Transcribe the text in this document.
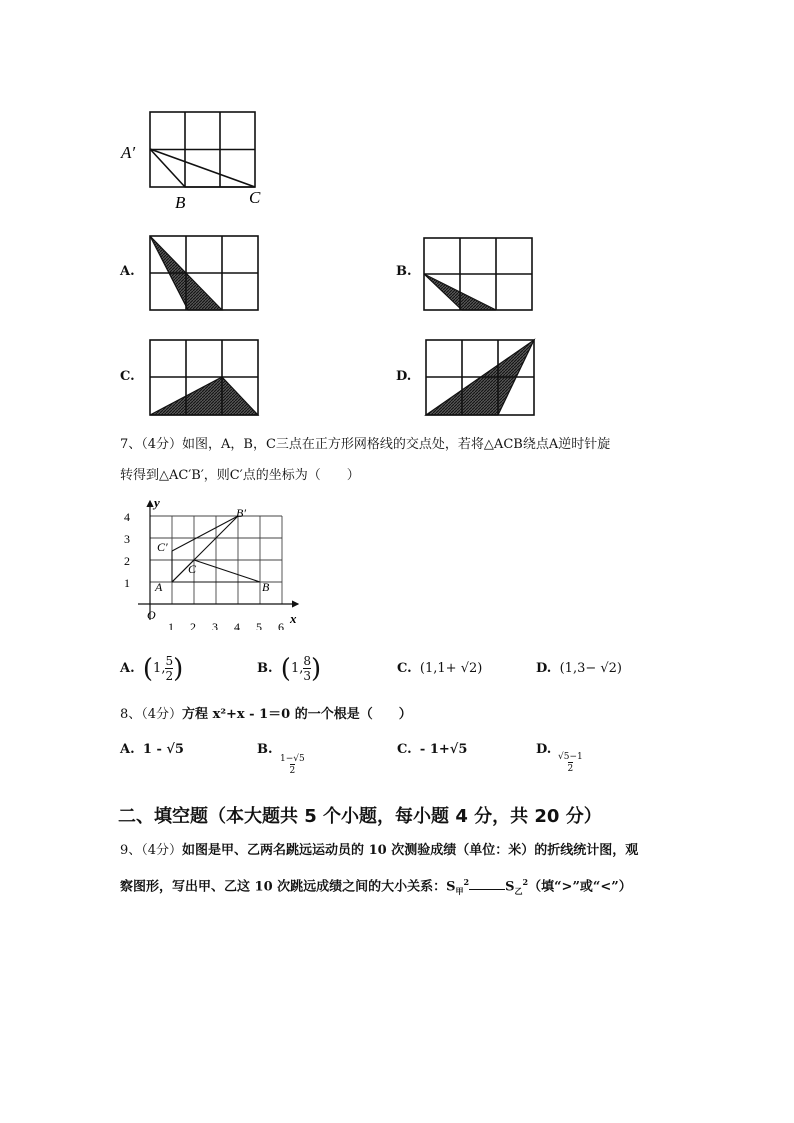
A′
B	C
A.	B.
C.	D.
7、（4分）如图，A，B，C三点在正方形网格线的交点处，若将△ACB绕点A逆时针旋
转得到△AC′B′，则C′点的坐标为（　　）
y
x
O
1 2 3 4 5 6
1
2
3
4
A	B
C
C′
B′
A.
( 1, $\frac{5}{2}$ )	B.
( 1, $\frac{8}{3}$ )	C. (1,1+ √2)	D. (1,3− √2)
8、（4分）方程 x²+x - 1＝0 的一个根是（　　）
A. 1 - √5	B.
$\frac{1-√5}{2}$
C. - 1+√5	D.
$\frac{√5-1}{2}$
二、填空题（本大题共 5 个小题，每小题 4 分，共 20 分）
9、（4分）如图是甲、乙两名跳远运动员的 10 次测验成绩（单位：米）的折线统计图，观
察图形，写出甲、乙这 10 次跳远成绩之间的大小关系：$S_甲^2$	$S_乙^2$（填“>”或“<”）
